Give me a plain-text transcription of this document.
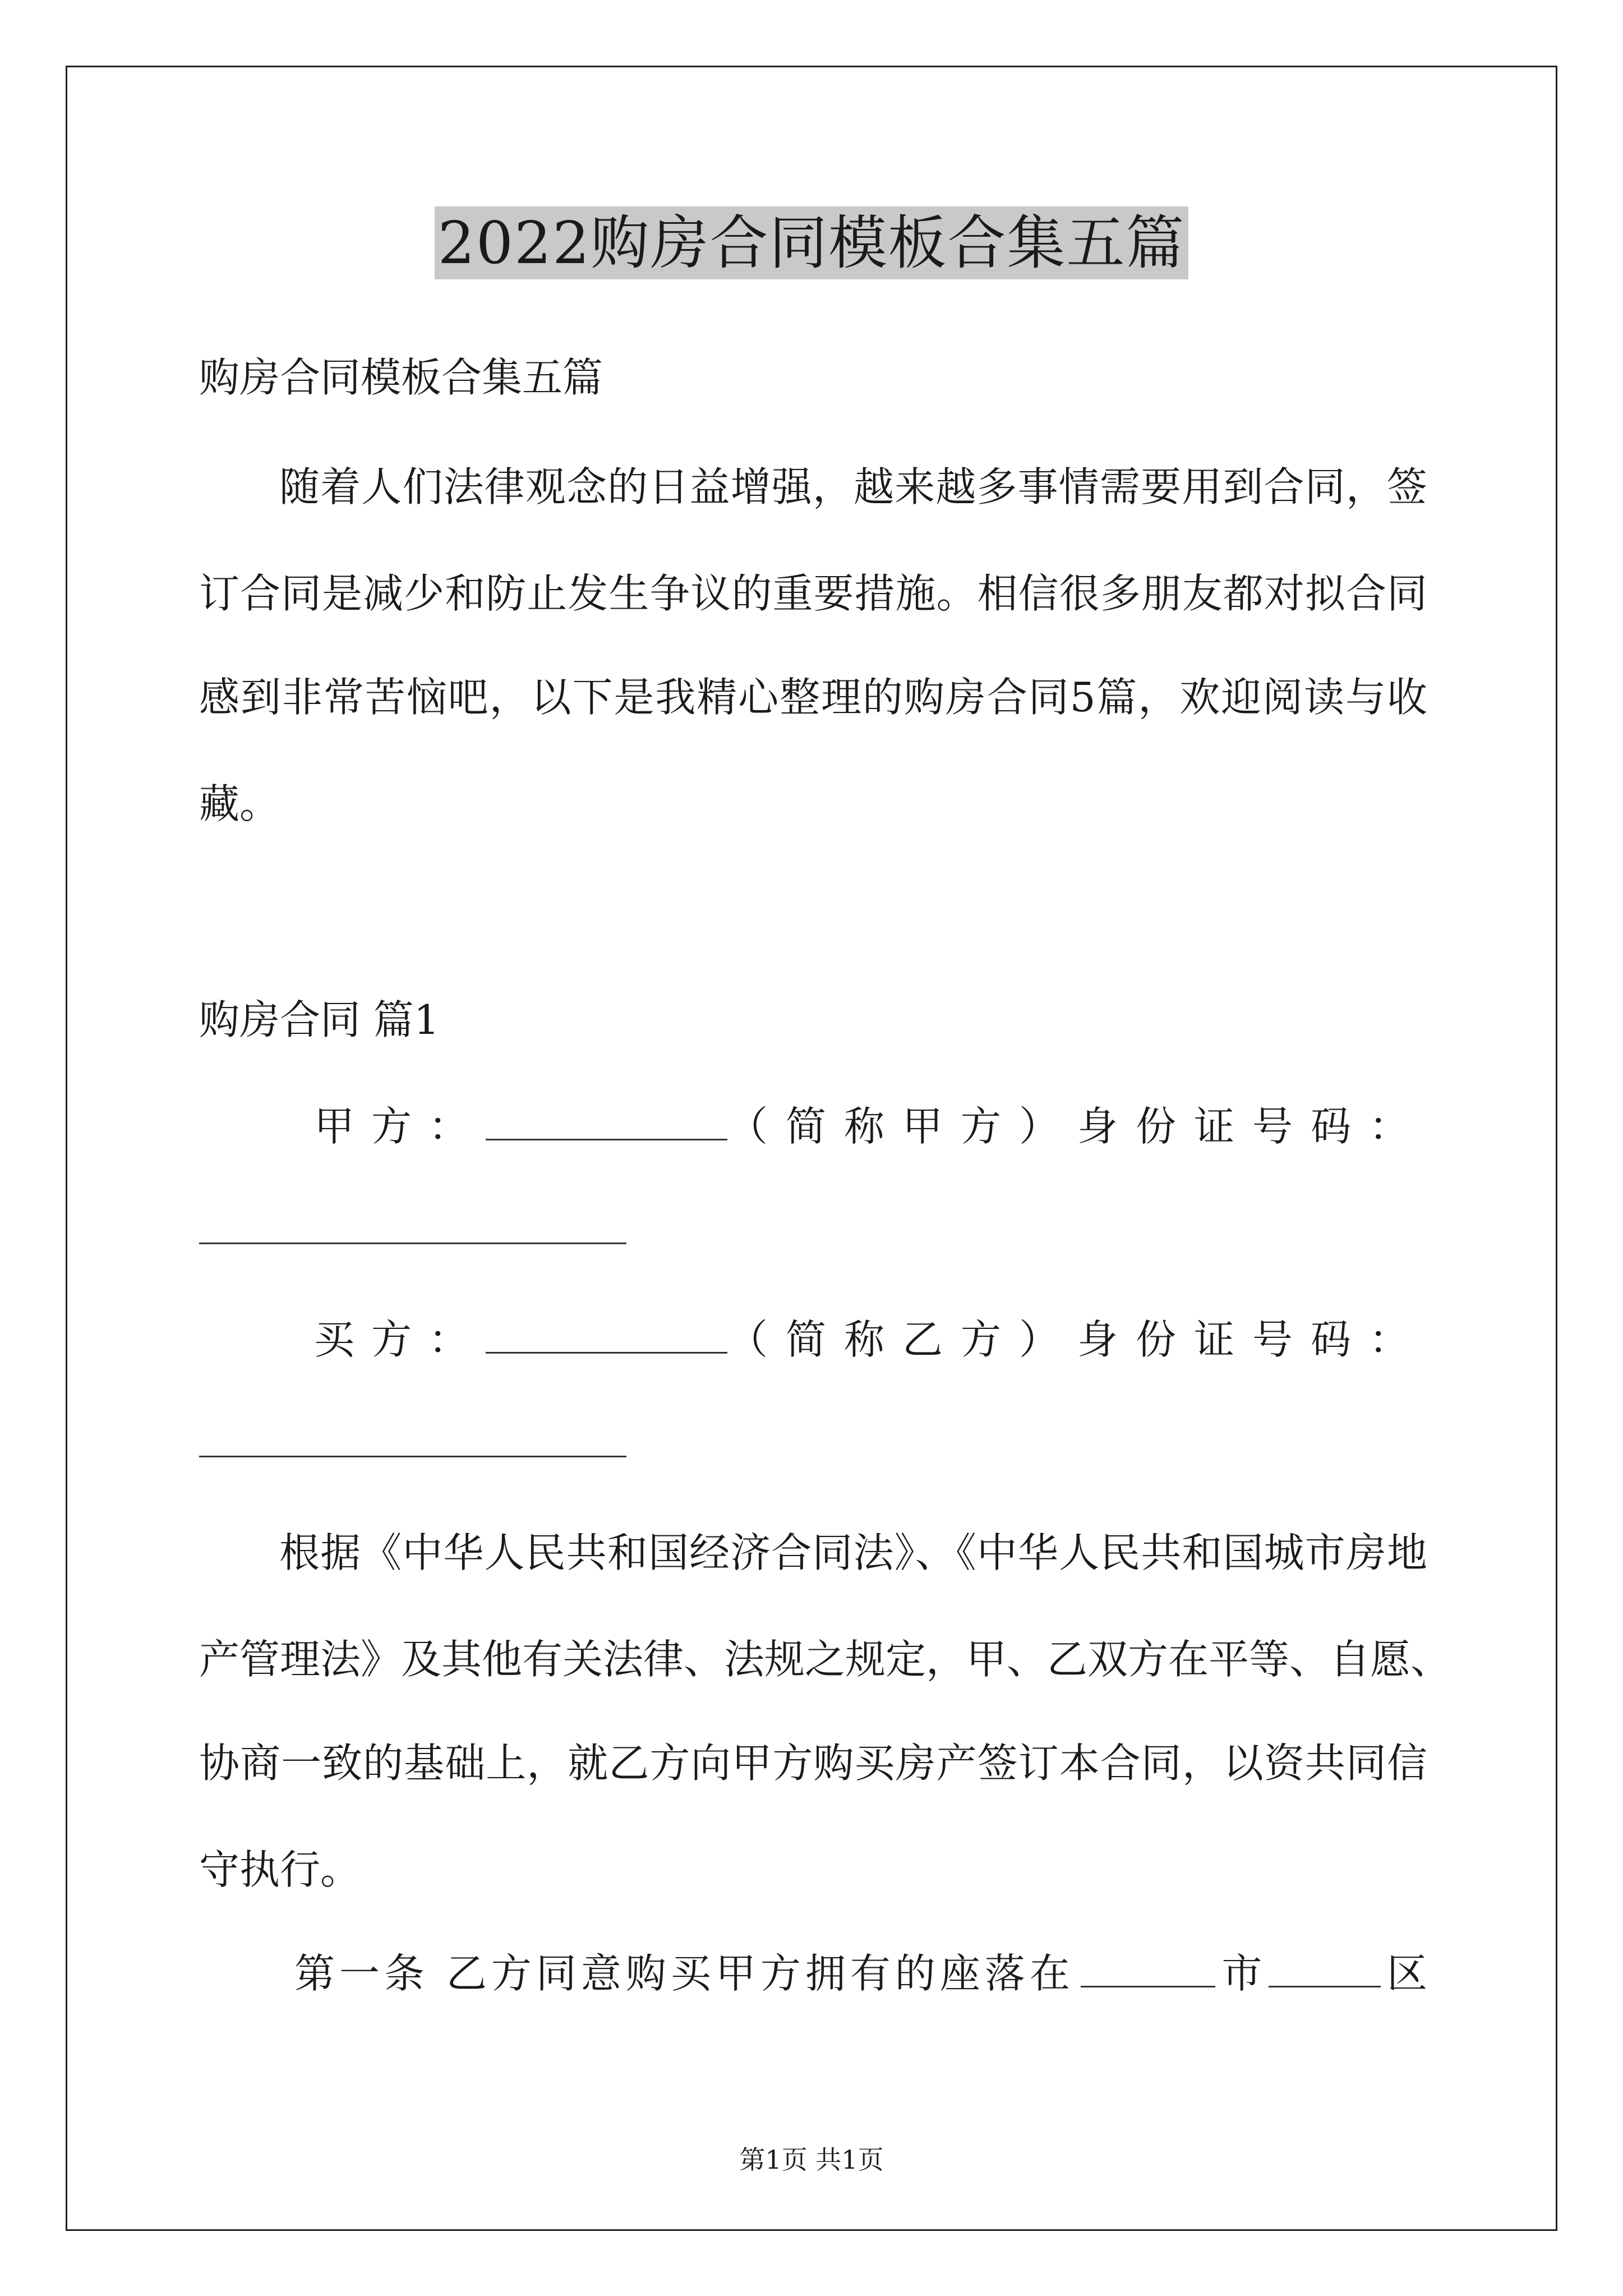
2022购房合同模板合集五篇
购房合同模板合集五篇
随着人们法律观念的日益增强，越来越多事情需要用到合同，签
订合同是减少和防止发生争议的重要措施。相信很多朋友都对拟合同
感到非常苦恼吧，以下是我精心整理的购房合同5篇，欢迎阅读与收
藏。
购房合同 篇1
甲方：	（简称甲方） 身份证号码：
买方：	（简称乙方） 身份证号码：
根据《中华人民共和国经济合同法》、《中华人民共和国城市房地
产管理法》及其他有关法律、法规之规定，甲、乙双方在平等、自愿、
协商一致的基础上，就乙方向甲方购买房产签订本合同，以资共同信
守执行。
第一条 乙方同意购买甲方拥有的座落在	市	区
第1页 共1页
